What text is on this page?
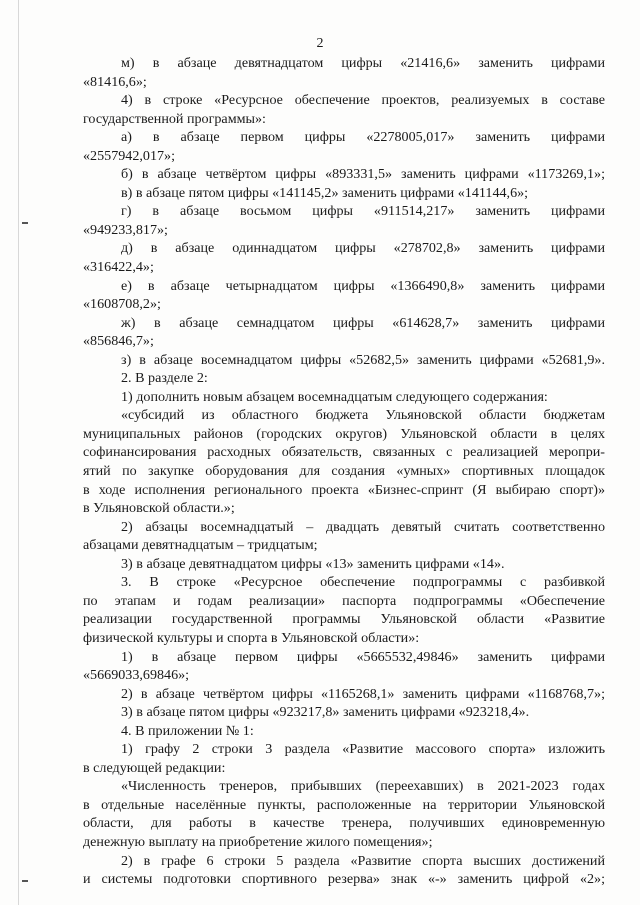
2
м) в абзаце девятнадцатом цифры «21416,6» заменить цифрами
«81416,6»;
4) в строке «Ресурсное обеспечение проектов, реализуемых в составе
государственной программы»:
а) в абзаце первом цифры «2278005,017» заменить цифрами
«2557942,017»;
б) в абзаце четвёртом цифры «893331,5» заменить цифрами «1173269,1»;
в) в абзаце пятом цифры «141145,2» заменить цифрами «141144,6»;
г) в абзаце восьмом цифры «911514,217» заменить цифрами
«949233,817»;
д) в абзаце одиннадцатом цифры «278702,8» заменить цифрами
«316422,4»;
е) в абзаце четырнадцатом цифры «1366490,8» заменить цифрами
«1608708,2»;
ж) в абзаце семнадцатом цифры «614628,7» заменить цифрами
«856846,7»;
з) в абзаце восемнадцатом цифры «52682,5» заменить цифрами «52681,9».
2. В разделе 2:
1) дополнить новым абзацем восемнадцатым следующего содержания:
«субсидий из областного бюджета Ульяновской области бюджетам
муниципальных районов (городских округов) Ульяновской области в целях
софинансирования расходных обязательств, связанных с реализацией меропри-
ятий по закупке оборудования для создания «умных» спортивных площадок
в ходе исполнения регионального проекта «Бизнес-спринт (Я выбираю спорт)»
в Ульяновской области.»;
2) абзацы восемнадцатый – двадцать девятый считать соответственно
абзацами девятнадцатым – тридцатым;
3) в абзаце девятнадцатом цифры «13» заменить цифрами «14».
3. В строке «Ресурсное обеспечение подпрограммы с разбивкой
по этапам и годам реализации» паспорта подпрограммы «Обеспечение
реализации государственной программы Ульяновской области «Развитие
физической культуры и спорта в Ульяновской области»:
1) в абзаце первом цифры «5665532,49846» заменить цифрами
«5669033,69846»;
2) в абзаце четвёртом цифры «1165268,1» заменить цифрами «1168768,7»;
3) в абзаце пятом цифры «923217,8» заменить цифрами «923218,4».
4. В приложении № 1:
1) графу 2 строки 3 раздела «Развитие массового спорта» изложить
в следующей редакции:
«Численность тренеров, прибывших (переехавших) в 2021-2023 годах
в отдельные населённые пункты, расположенные на территории Ульяновской
области, для работы в качестве тренера, получивших единовременную
денежную выплату на приобретение жилого помещения»;
2) в графе 6 строки 5 раздела «Развитие спорта высших достижений
и системы подготовки спортивного резерва» знак «-» заменить цифрой «2»;
